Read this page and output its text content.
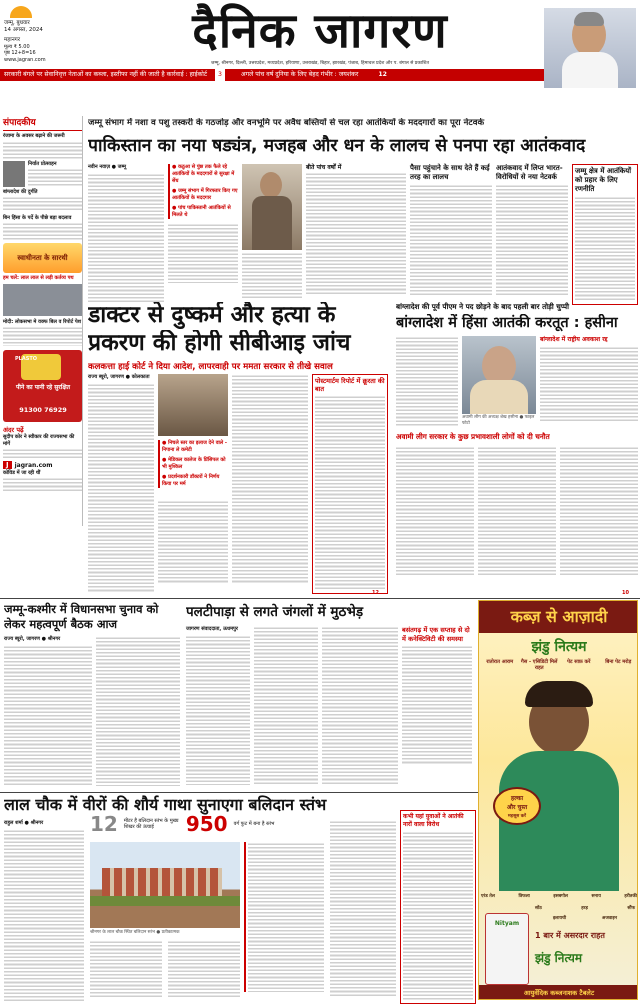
जम्मू, बुधवार
14 अगस्त, 2024
महानगर
मूल्य ₹ 5.00
पृष्ठ 12+8=16
www.jagran.com
दैनिक जागरण
जम्मू, श्रीनगर, दिल्ली, उत्तरप्रदेश, मध्यप्रदेश, हरियाणा, उत्तराखंड, बिहार, झारखंड, पंजाब, हिमाचल प्रदेश और प. बंगाल से प्रकाशित
सरकारी बंगले पर सेवानिवृत्त नेताओं का कब्जा, इस्तीफा नहीं की जाती है कार्रवाई : हाईकोर्ट 3	अगले पांच वर्ष दुनिया के लिए बेहद गंभीर : जयशंकर	12
संपादकीय
रंजामा के अवसर बढ़ाने की जरूरी
निर्यात प्रोत्साहन
बांग्लादेश की दुर्गति
बिन हिंसा के पर्दे के पीछे बड़ा बदलाव
स्वाधीनता के सारथी
हम चलें: लाल लाल से लड़ी कर्तव्य पथ
मोदी: लोकसभा मे वक्फ बिल व रिपोर्ट पेश
PLASTO
पीने का पानी रहे सुरक्षित
91300 76929
अंदर पढ़ें
सुदीप कोर ने स्वीकार की राज्यसभा की मांगें
J	jagran.com
कोविड में जा रही थीं
जम्मू संभाग में नशा व पशु तस्करी के गठजोड़ और वनभूमि पर अवैध बस्तियों से चल रहा आतंकियों के मददगारों का पूरा नेटवर्क
पाकिस्तान का नया षड्यंत्र, मजहब और धन के लालच से पनपा रहा आतंकवाद
नवीन नवाज़ ● जम्मू	● कठुआ से पुंछ तक फैले रहे आतंकियों के मददगारों से सुरक्षा में सेंध
● जम्मू संभाग में गिरफ्तार किए गए आतंकियों के मददगार
● पांच पाकिस्तानी आतंकियों से मिलते थे
बीते पांच वर्षों में	पैसा पहुंचाने के साथ देते हैं कई तरह का लालच
आतंकवाद में लिप्त भारत-विरोधियों से नया नेटवर्क
जम्मू क्षेत्र में आतंकियों को प्रहार के लिए रणनीति
डाक्टर से दुष्कर्म और हत्या के
प्रकरण की होगी सीबीआइ जांच
कलकत्ता हाई कोर्ट ने दिया आदेश, लापरवाही पर ममता सरकार से तीखे सवाल
राज्य ब्यूरो, जागरण ● कोलकाता
● निचले स्तर का इलाज देने वाले - निपाना ले कमेटी
● मेडिकल कालेज के प्रिंसिपल को भी मुश्किल
● प्रदर्शनकारी डॉक्टरों ने निर्णय किया पर मर्म
पोस्टमार्टम रिपोर्ट में क्रूरता की बात
बांग्लादेश की पूर्व पीएम ने पद छोड़ने के बाद पहली बार तोड़ी चुप्पी
बांग्लादेश में हिंसा आतंकी करतूत : हसीना
अवामी लीग की अध्यक्ष शेख हसीना ● फाइल फोटो
बांग्लादेश में राष्ट्रीय अवकाश रद्द
अवामी लीग सरकार के कुछ प्रभावशाली लोगों को दी चनौत
12	10
जम्मू-कश्मीर में विधानसभा चुनाव को लेकर महत्वपूर्ण बैठक आज
राज्य ब्यूरो, जागरण ● श्रीनगर
पलटीपाड़ा से लगते जंगलों में मुठभेड़
जागरण संवाददाता, ऊधमपुर	बसंतगढ़ में एक सप्ताह से दो में कनेक्टिविटी की समस्या
लाल चौक में वीरों की शौर्य गाथा सुनाएगा बलिदान स्तंभ
राहुल शर्मा ● श्रीनगर	12 मीटर है बलिदान स्तंभ के मुख्य शिखर की ऊंचाई	950 वर्ग फुट में बना है स्तंभ
श्रीनगर के लाल चौक स्थित बलिदान स्तंभ ● प्रतीकात्मक
कभी यहां युवाओं ने आतंकी नारों वाला विरोध
कब्ज़ से आज़ादी
झंडु नित्यम
रातोरात आराम	गैस - एसिडिटी मिलें राहत
पेट साफ़ करें	बिना पेट मरोड़
हल्का
और चुस्त
महसूस करें
एरंड तेल	त्रिफला	इसबगोल	सनाय	हरीतकी
सोंठ	हरड़	सौंफ
इलायची	अजवाइन
Nityam
1 बार में असरदार राहत
झंडु नित्यम
आयुर्वेदिक कब्जनाशक टैबलेट
